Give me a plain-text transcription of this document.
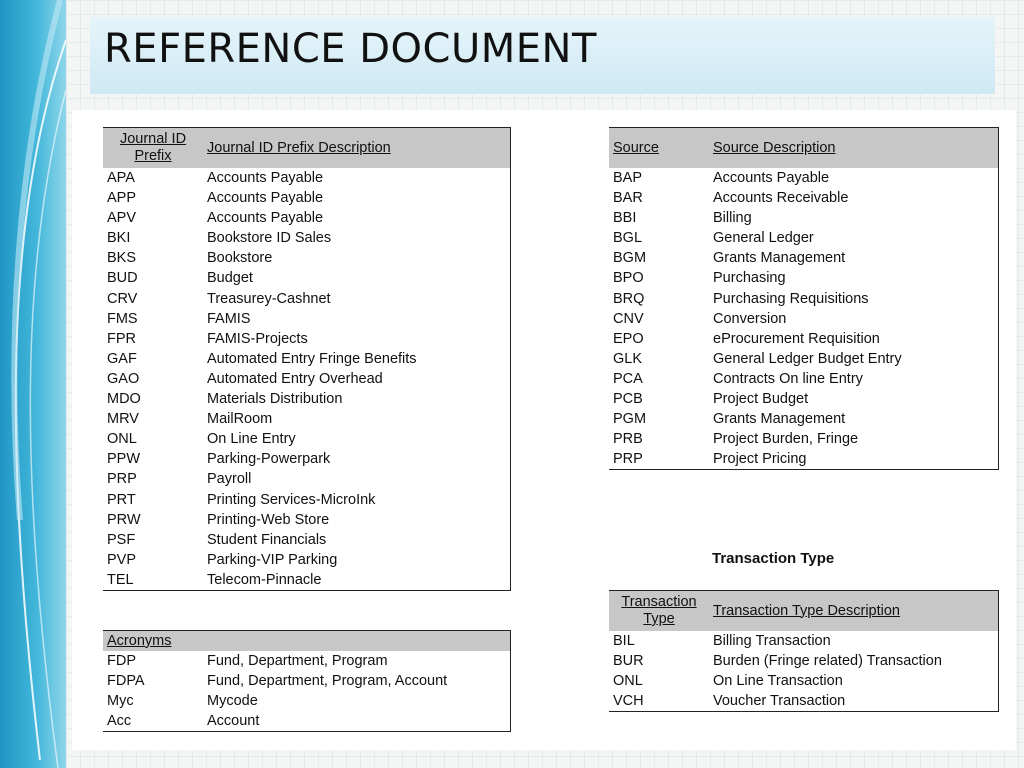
REFERENCE DOCUMENT
Journal ID Prefix	Journal ID Prefix Description
APA	Accounts Payable
APP	Accounts Payable
APV	Accounts Payable
BKI	Bookstore ID Sales
BKS	Bookstore
BUD	Budget
CRV	Treasurey-Cashnet
FMS	FAMIS
FPR	FAMIS-Projects
GAF	Automated Entry Fringe Benefits
GAO	Automated Entry Overhead
MDO	Materials Distribution
MRV	MailRoom
ONL	On Line Entry
PPW	Parking-Powerpark
PRP	Payroll
PRT	Printing Services-MicroInk
PRW	Printing-Web Store
PSF	Student Financials
PVP	Parking-VIP Parking
TEL	Telecom-Pinnacle
Source	Source Description
BAP	Accounts Payable
BAR	Accounts Receivable
BBI	Billing
BGL	General Ledger
BGM	Grants Management
BPO	Purchasing
BRQ	Purchasing Requisitions
CNV	Conversion
EPO	eProcurement Requisition
GLK	General Ledger Budget Entry
PCA	Contracts On line Entry
PCB	Project Budget
PGM	Grants Management
PRB	Project Burden, Fringe
PRP	Project Pricing
Transaction Type
Transaction Type	Transaction Type Description
BIL	Billing Transaction
BUR	Burden (Fringe related) Transaction
ONL	On Line Transaction
VCH	Voucher Transaction
Acronyms	
FDP	Fund, Department, Program
FDPA	Fund, Department, Program, Account
Myc	Mycode
Acc	Account
